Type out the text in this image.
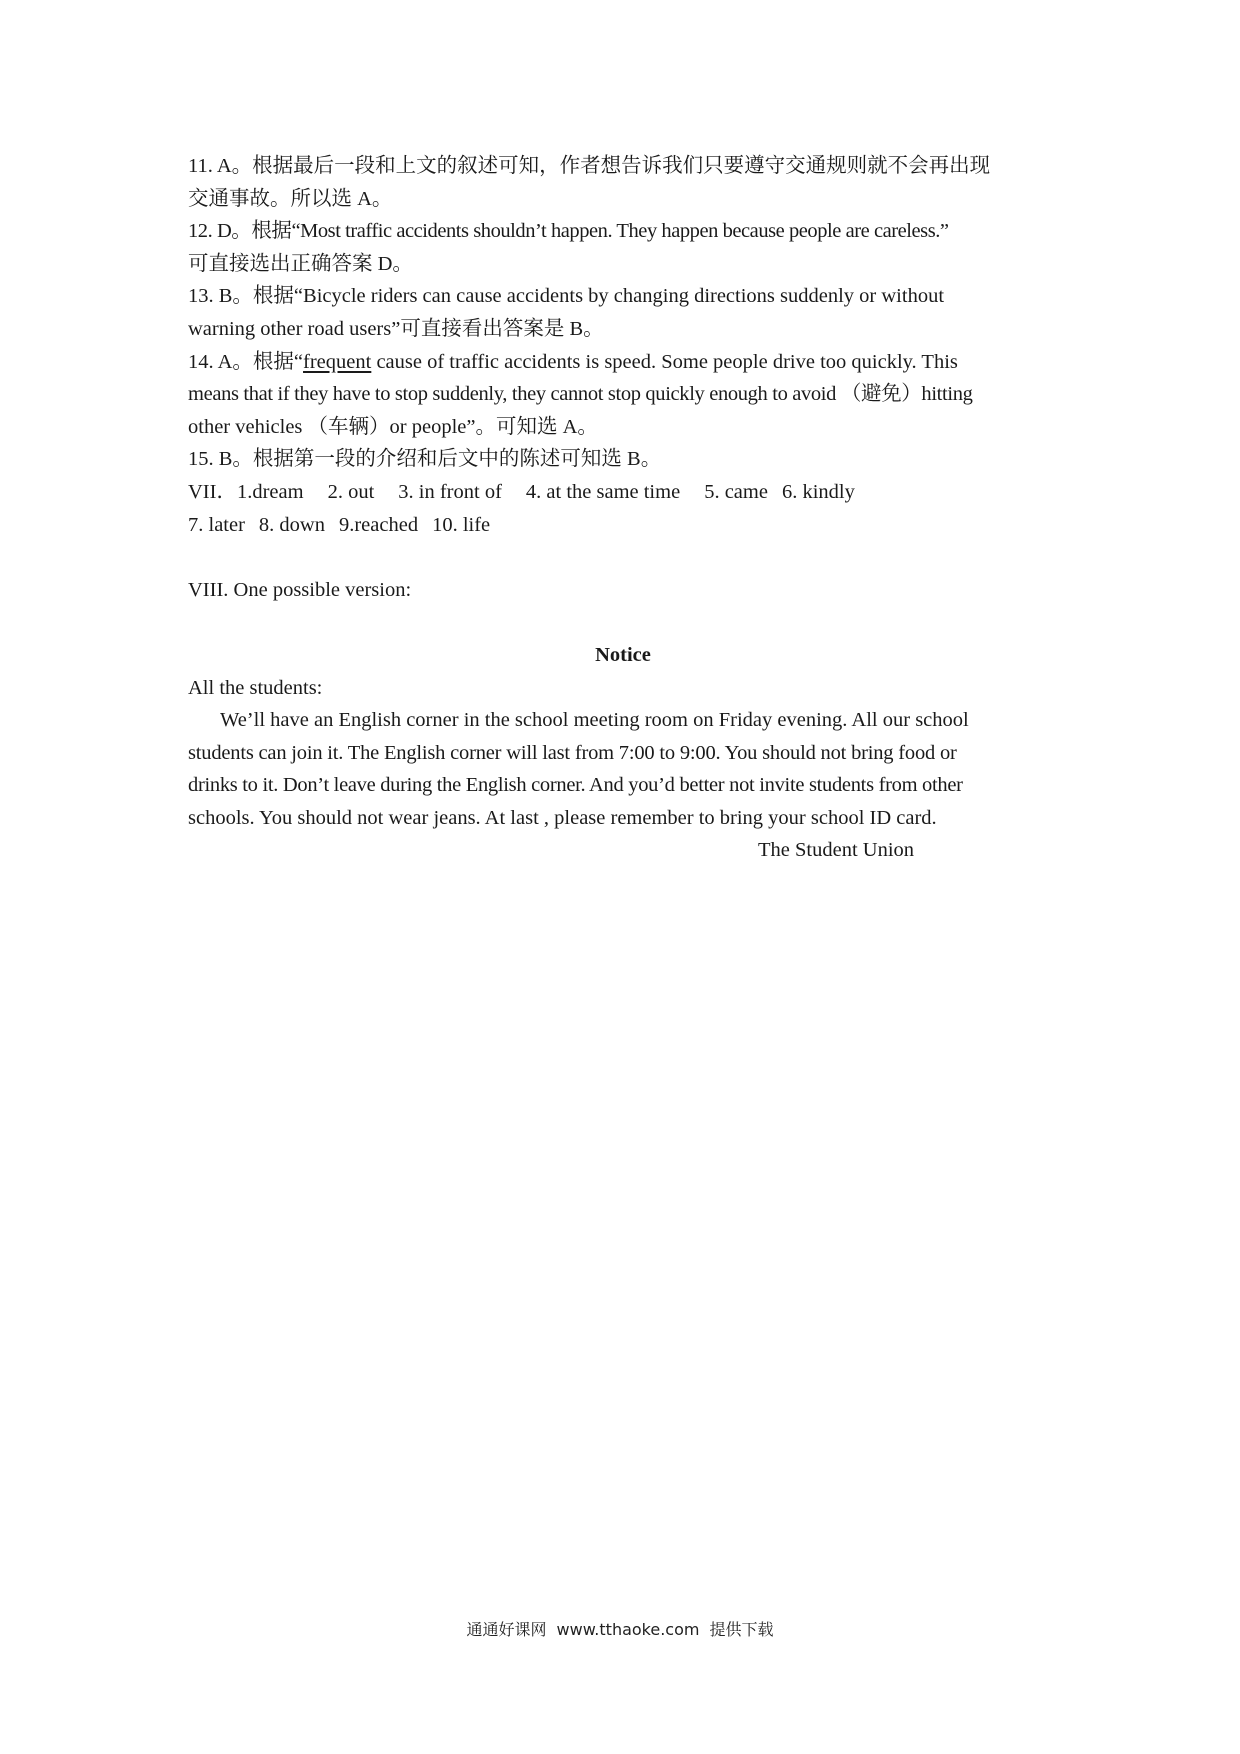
11. A。根据最后一段和上文的叙述可知，作者想告诉我们只要遵守交通规则就不会再出现
交通事故。所以选 A。
12. D。根据“Most traffic accidents shouldn’t happen. They happen because people are careless.”
可直接选出正确答案 D。
13. B。根据“Bicycle riders can cause accidents by changing directions suddenly or without
warning other road users”可直接看出答案是 B。
14. A。根据“frequent cause of traffic accidents is speed. Some people drive too quickly. This
means that if they have to stop suddenly, they cannot stop quickly enough to avoid （避免）hitting
other vehicles （车辆）or people”。可知选 A。
15. B。根据第一段的介绍和后文中的陈述可知选 B。
VII．1.dream 2. out 3. in front of 4. at the same time 5. came 6. kindly
7. later 8. down 9.reached 10. life
VIII. One possible version:
Notice
All the students:
We’ll have an English corner in the school meeting room on Friday evening. All our school
students can join it. The English corner will last from 7:00 to 9:00. You should not bring food or
drinks to it. Don’t leave during the English corner. And you’d better not invite students from other
schools. You should not wear jeans. At last , please remember to bring your school ID card.
The Student Union
通通好课网 www.tthaoke.com 提供下载
